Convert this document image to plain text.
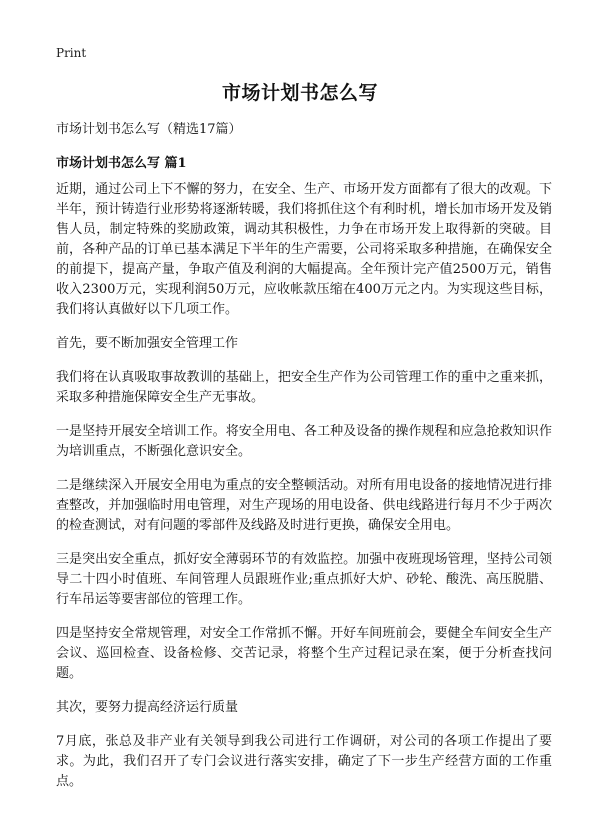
Print
市场计划书怎么写
市场计划书怎么写（精选17篇）
市场计划书怎么写 篇1

近期，通过公司上下不懈的努力，在安全、生产、市场开发方面都有了很大的改观。下半年，预计铸造行业形势将逐渐转暖，我们将抓住这个有利时机，增长加市场开发及销售人员，制定特殊的奖励政策，调动其积极性，力争在市场开发上取得新的突破。目前，各种产品的订单已基本满足下半年的生产需要，公司将采取多种措施，在确保安全的前提下，提高产量，争取产值及利润的大幅提高。全年预计完产值2500万元，销售收入2300万元，实现利润50万元，应收帐款压缩在400万元之内。为实现这些目标，我们将认真做好以下几项工作。

首先，要不断加强安全管理工作

我们将在认真吸取事故教训的基础上，把安全生产作为公司管理工作的重中之重来抓，采取多种措施保障安全生产无事故。

一是坚持开展安全培训工作。将安全用电、各工种及设备的操作规程和应急抢救知识作为培训重点，不断强化意识安全。

二是继续深入开展安全用电为重点的安全整顿活动。对所有用电设备的接地情况进行排查整改，并加强临时用电管理，对生产现场的用电设备、供电线路进行每月不少于两次的检查测试，对有问题的零部件及线路及时进行更换，确保安全用电。

三是突出安全重点，抓好安全薄弱环节的有效监控。加强中夜班现场管理，坚持公司领导二十四小时值班、车间管理人员跟班作业;重点抓好大炉、砂轮、酸洗、高压脱腊、行车吊运等要害部位的管理工作。

四是坚持安全常规管理，对安全工作常抓不懈。开好车间班前会，要健全车间安全生产会议、巡回检查、设备检修、交苦记录，将整个生产过程记录在案，便于分析查找问题。

其次，要努力提高经济运行质量

7月底，张总及非产业有关领导到我公司进行工作调研，对公司的各项工作提出了要求。为此，我们召开了专门会议进行落实安排，确定了下一步生产经营方面的工作重点。
